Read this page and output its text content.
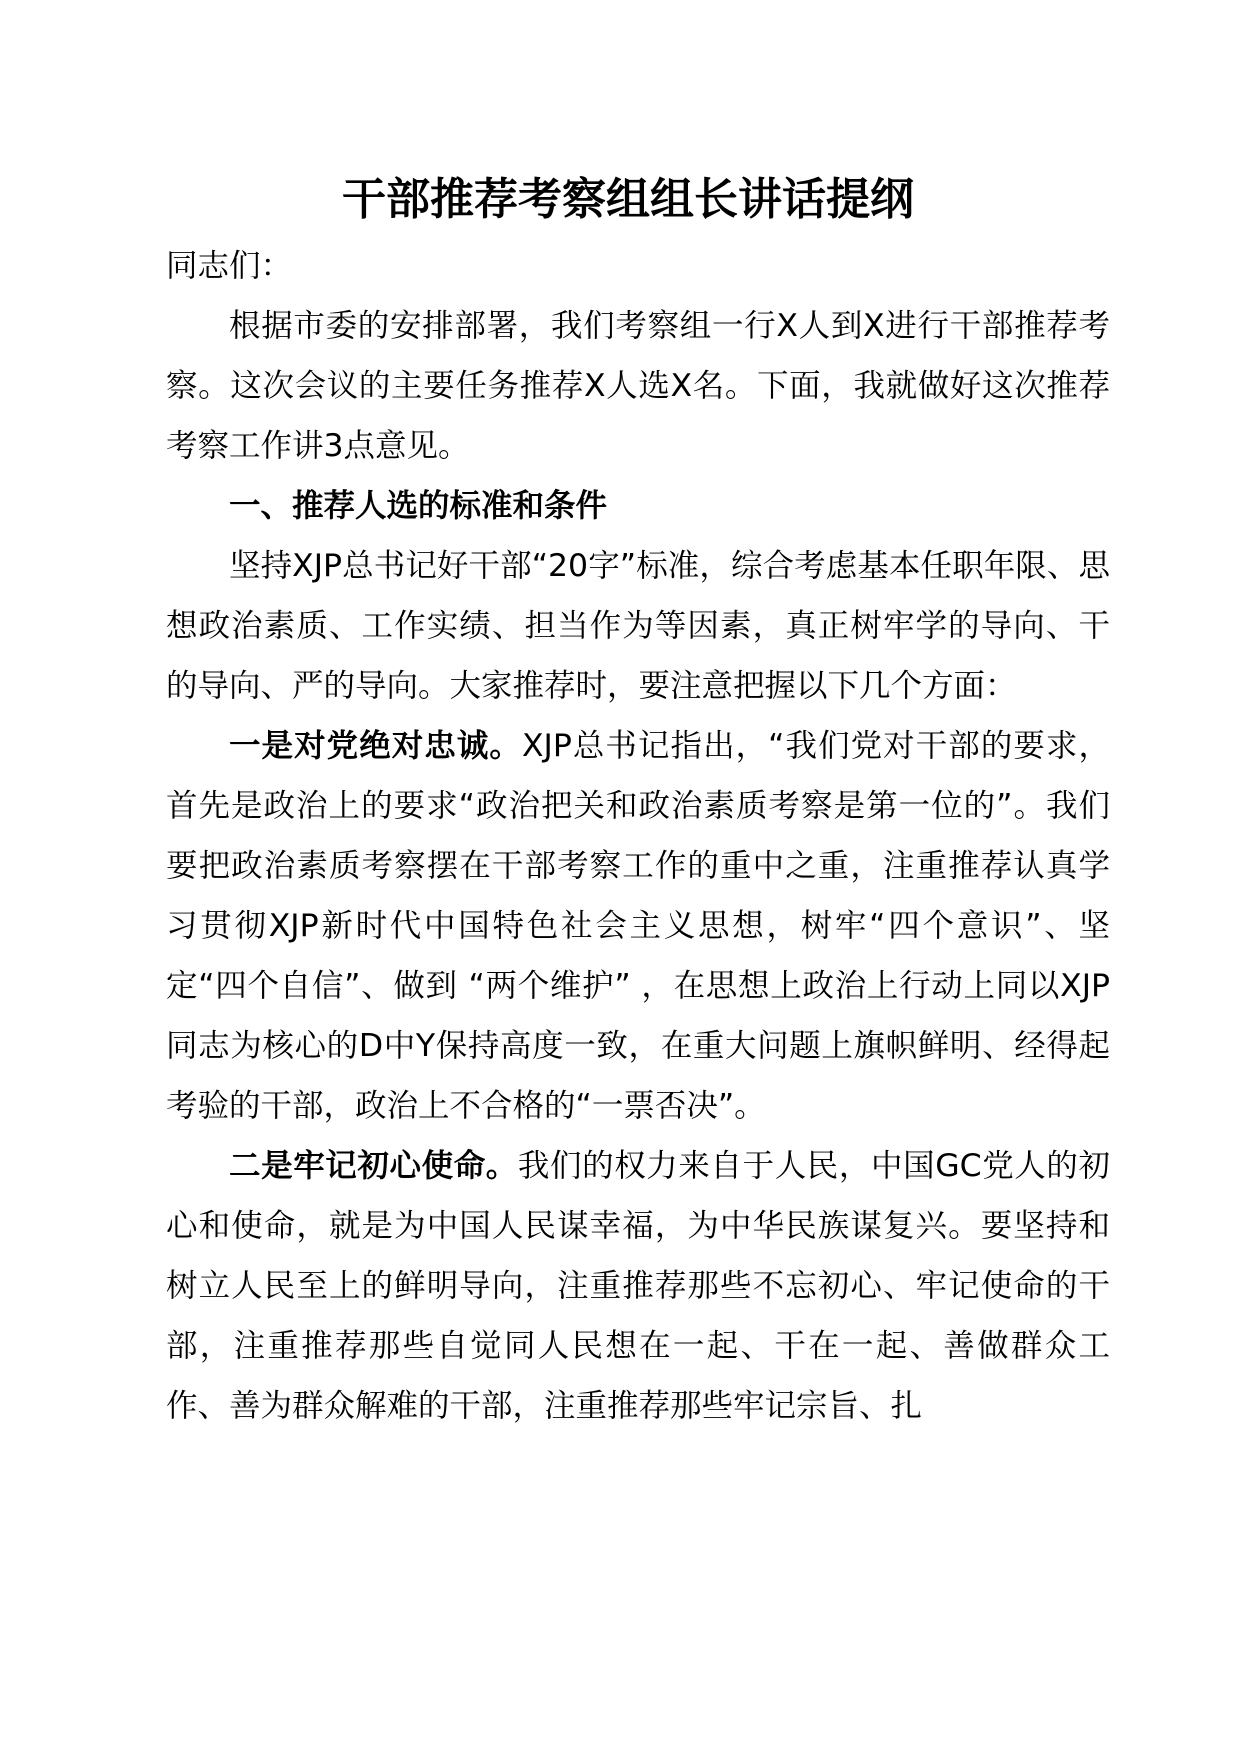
干部推荐考察组组长讲话提纲

同志们：

根据市委的安排部署，我们考察组一行X人到X进行干部推荐考察。这次会议的主要任务推荐X人选X名。下面，我就做好这次推荐考察工作讲3点意见。

一、推荐人选的标准和条件

坚持XJP总书记好干部“20字”标准，综合考虑基本任职年限、思想政治素质、工作实绩、担当作为等因素，真正树牢学的导向、干的导向、严的导向。大家推荐时，要注意把握以下几个方面：

一是对党绝对忠诚。XJP总书记指出，“我们党对干部的要求，首先是政治上的要求“政治把关和政治素质考察是第一位的”。我们要把政治素质考察摆在干部考察工作的重中之重，注重推荐认真学习贯彻XJP新时代中国特色社会主义思想，树牢“四个意识”、坚定“四个自信”、做到 “两个维护” ，在思想上政治上行动上同以XJP同志为核心的D中Y保持高度一致，在重大问题上旗帜鲜明、经得起考验的干部，政治上不合格的“一票否决”。

二是牢记初心使命。我们的权力来自于人民，中国GC党人的初心和使命，就是为中国人民谋幸福，为中华民族谋复兴。要坚持和树立人民至上的鲜明导向，注重推荐那些不忘初心、牢记使命的干部，注重推荐那些自觉同人民想在一起、干在一起、善做群众工作、善为群众解难的干部，注重推荐那些牢记宗旨、扎
